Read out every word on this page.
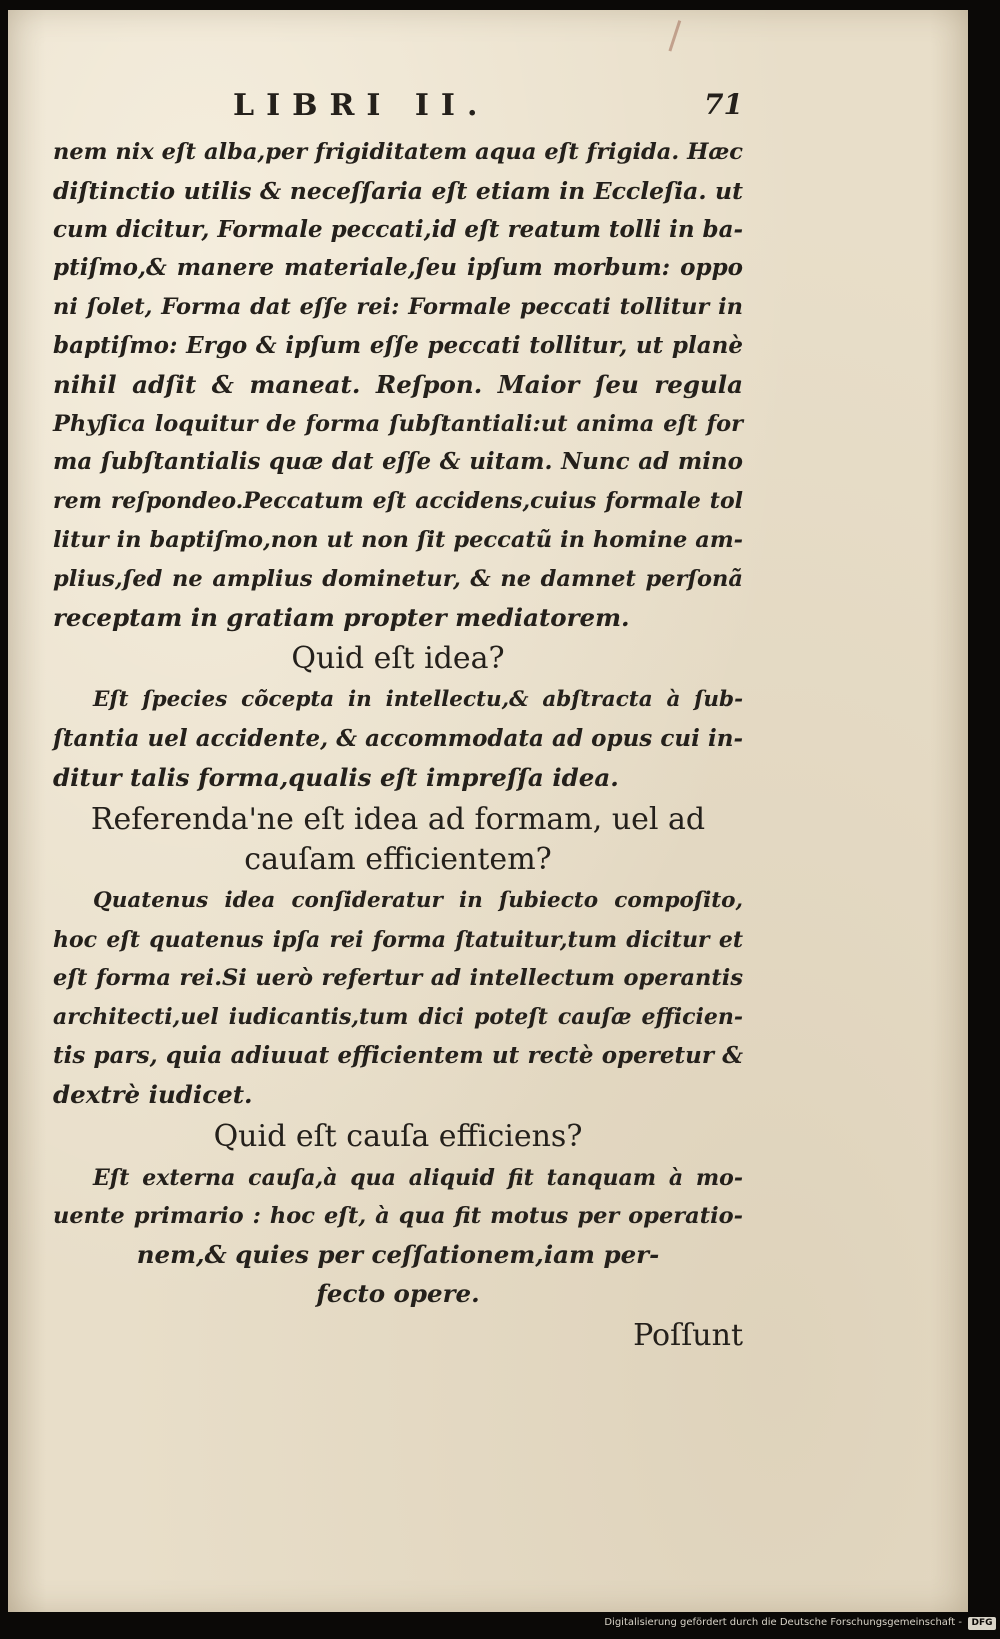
LIBRI II.	71

nem nix eſt alba,per frigiditatem aqua eſt frigida. Hæc
diſtinctio utilis & neceſſaria eſt etiam in Eccleſia. ut
cum dicitur, Formale peccati,id eſt reatum tolli in ba-
ptiſmo,& manere materiale,ſeu ipſum morbum: oppo
ni ſolet, Forma dat eſſe rei: Formale peccati tollitur in
baptiſmo: Ergo & ipſum eſſe peccati tollitur, ut planè
nihil adſit & maneat. Reſpon. Maior ſeu regula
Phyſica loquitur de forma ſubſtantiali:ut anima eſt for
ma ſubſtantialis quæ dat eſſe & uitam. Nunc ad mino
rem reſpondeo.Peccatum eſt accidens,cuius formale tol
litur in baptiſmo,non ut non ſit peccatũ in homine am-
plius,ſed ne amplius dominetur, & ne damnet perſonã
receptam in gratiam propter mediatorem.

Quid eſt idea?

Eſt ſpecies cõcepta in intellectu,& abſtracta à ſub-
ſtantia uel accidente, & accommodata ad opus cui in-
ditur talis forma,qualis eſt impreſſa idea.

Referenda'ne eſt idea ad formam, uel ad
cauſam efficientem?

Quatenus idea conſideratur in ſubiecto compoſito,
hoc eſt quatenus ipſa rei forma ſtatuitur,tum dicitur et
eſt forma rei.Si uerò refertur ad intellectum operantis
architecti,uel iudicantis,tum dici poteſt cauſæ efficien-
tis pars, quia adiuuat efficientem ut rectè operetur &
dextrè iudicet.

Quid eſt cauſa efficiens?

Eſt externa cauſa,à qua aliquid fit tanquam à mo-
uente primario : hoc eſt, à qua fit motus per operatio-

nem,& quies per ceſſationem,iam per-
fecto opere.

Poſſunt
Digitalisierung gefördert durch die Deutsche Forschungsgemeinschaft -	DFG
